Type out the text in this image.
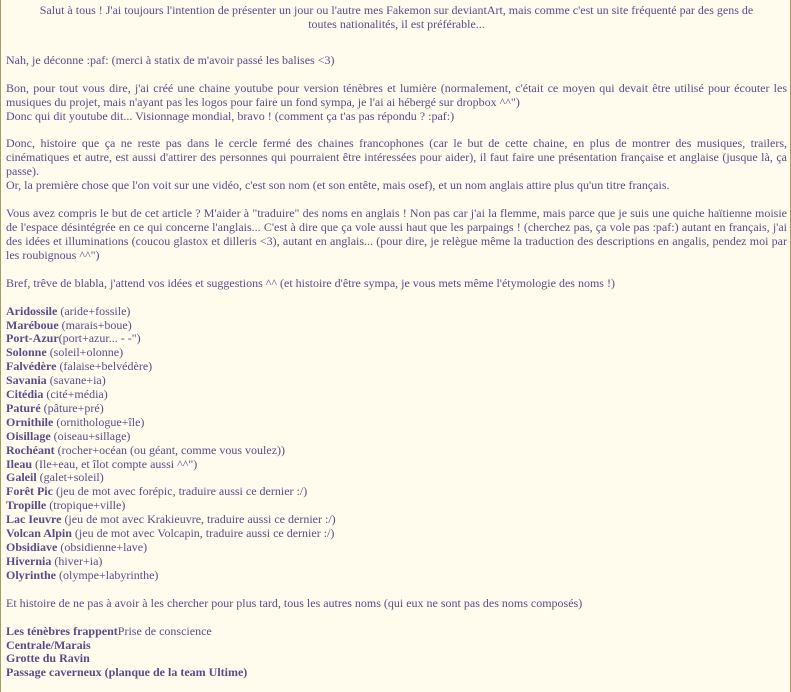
Salut à tous ! J'ai toujours l'intention de présenter un jour ou l'autre mes Fakemon sur deviantArt, mais comme c'est un site fréquenté par des gens de toutes nationalités, il est préférable...

Nah, je déconne :paf: (merci à statix de m'avoir passé les balises <3)

Bon, pour tout vous dire, j'ai créé une chaine youtube pour version ténèbres et lumière (normalement, c'était ce moyen qui devait être utilisé pour écouter les musiques du projet, mais n'ayant pas les logos pour faire un fond sympa, je l'ai ai hébergé sur dropbox ^^")
Donc qui dit youtube dit... Visionnage mondial, bravo ! (comment ça t'as pas répondu ? :paf:)
Donc, histoire que ça ne reste pas dans le cercle fermé des chaines francophones (car le but de cette chaine, en plus de montrer des musiques, trailers, cinématiques et autre, est aussi d'attirer des personnes qui pourraient être intéressées pour aider), il faut faire une présentation française et anglaise (jusque là, ça passe).
Or, la première chose que l'on voit sur une vidéo, c'est son nom (et son entête, mais osef), et un nom anglais attire plus qu'un titre français.

Vous avez compris le but de cet article ? M'aider à "traduire" des noms en anglais ! Non pas car j'ai la flemme, mais parce que je suis une quiche haïtienne moisie de l'espace désintégrée en ce qui concerne l'anglais... C'est à dire que ça vole aussi haut que les parpaings ! (cherchez pas, ça vole pas :paf:) autant en français, j'ai des idées et illuminations (coucou glastox et dilleris <3), autant en anglais... (pour dire, je relègue même la traduction des descriptions en angalis, pendez moi par les roubignous ^^")

Bref, trêve de blabla, j'attend vos idées et suggestions ^^ (et histoire d'être sympa, je vous mets même l'étymologie des noms !)

Aridossile (aride+fossile)
Maréboue (marais+boue)
Port-Azur(port+azur... - -")
Solonne (soleil+olonne)
Falvédère (falaise+belvédère)
Savania (savane+ia)
Citédia (cité+média)
Paturé (pâture+pré)
Ornithile (ornithologue+île)
Oisillage (oiseau+sillage)
Rochéant (rocher+océan (ou géant, comme vous voulez))
Ileau (Ile+eau, et îlot compte aussi ^^")
Galeil (galet+soleil)
Forêt Pic (jeu de mot avec forépic, traduire aussi ce dernier :/)
Tropille (tropique+ville)
Lac Ieuvre (jeu de mot avec Krakieuvre, traduire aussi ce dernier :/)
Volcan Alpin (jeu de mot avec Volcapin, traduire aussi ce dernier :/)
Obsidiave (obsidienne+lave)
Hivernia (hiver+ia)
Olyrinthe (olympe+labyrinthe)

Et histoire de ne pas à avoir à les chercher pour plus tard, tous les autres noms (qui eux ne sont pas des noms composés)

Les ténèbres frappentPrise de conscience
Centrale/Marais
Grotte du Ravin
Passage caverneux (planque de la team Ultime)
